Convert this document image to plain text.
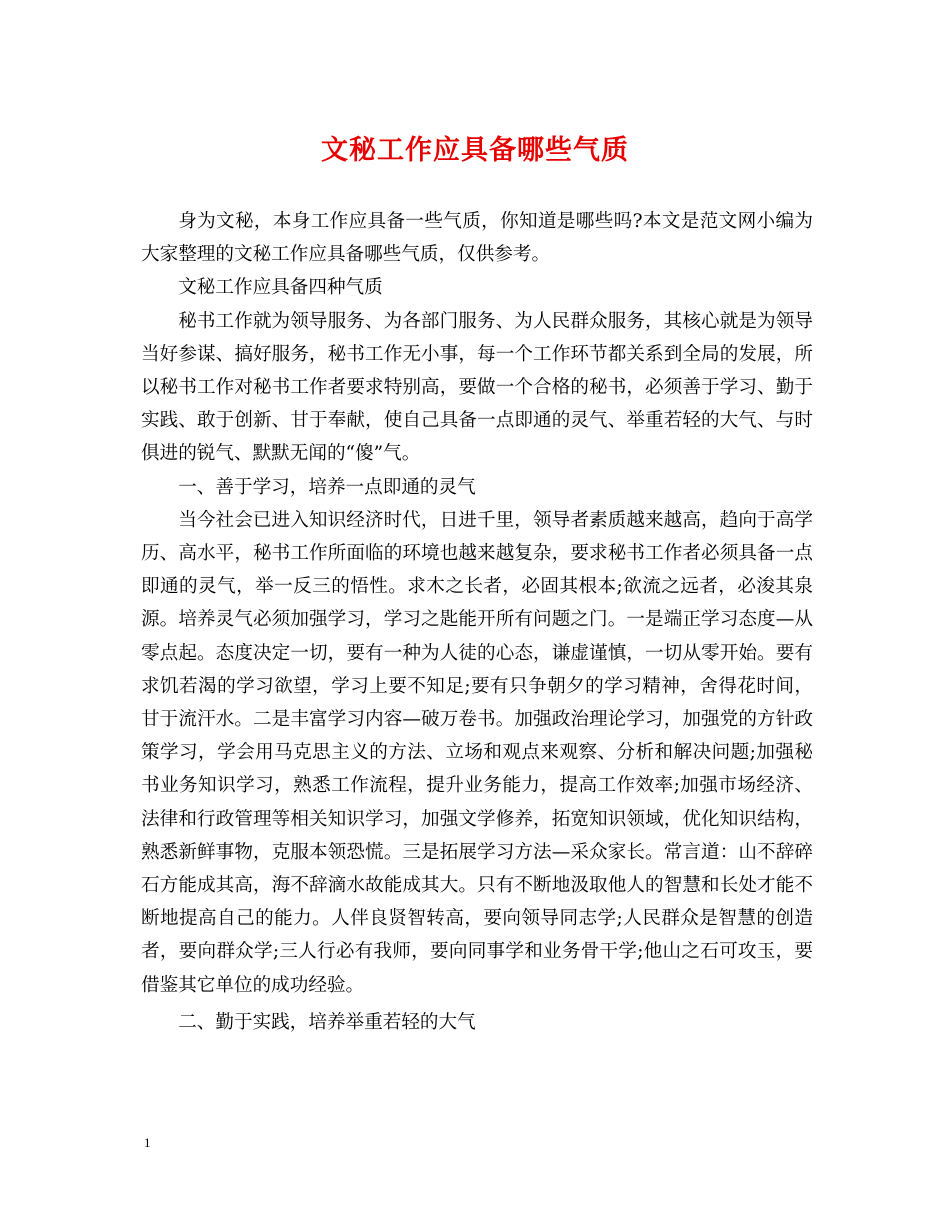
文秘工作应具备哪些气质

身为文秘，本身工作应具备一些气质，你知道是哪些吗?本文是范文网小编为大家整理的文秘工作应具备哪些气质，仅供参考。

文秘工作应具备四种气质

秘书工作就为领导服务、为各部门服务、为人民群众服务，其核心就是为领导当好参谋、搞好服务，秘书工作无小事，每一个工作环节都关系到全局的发展，所以秘书工作对秘书工作者要求特别高，要做一个合格的秘书，必须善于学习、勤于实践、敢于创新、甘于奉献，使自己具备一点即通的灵气、举重若轻的大气、与时俱进的锐气、默默无闻的“傻”气。

一、善于学习，培养一点即通的灵气

当今社会已进入知识经济时代，日进千里，领导者素质越来越高，趋向于高学历、高水平，秘书工作所面临的环境也越来越复杂，要求秘书工作者必须具备一点即通的灵气，举一反三的悟性。求木之长者，必固其根本;欲流之远者，必浚其泉源。培养灵气必须加强学习，学习之匙能开所有问题之门。一是端正学习态度—从零点起。态度决定一切，要有一种为人徒的心态，谦虚谨慎，一切从零开始。要有求饥若渴的学习欲望，学习上要不知足;要有只争朝夕的学习精神，舍得花时间，甘于流汗水。二是丰富学习内容—破万卷书。加强政治理论学习，加强党的方针政策学习，学会用马克思主义的方法、立场和观点来观察、分析和解决问题;加强秘书业务知识学习，熟悉工作流程，提升业务能力，提高工作效率;加强市场经济、法律和行政管理等相关知识学习，加强文学修养，拓宽知识领域，优化知识结构，熟悉新鲜事物，克服本领恐慌。三是拓展学习方法—采众家长。常言道：山不辞碎石方能成其高，海不辞滴水故能成其大。只有不断地汲取他人的智慧和长处才能不断地提高自己的能力。人伴良贤智转高，要向领导同志学;人民群众是智慧的创造者，要向群众学;三人行必有我师，要向同事学和业务骨干学;他山之石可攻玉，要借鉴其它单位的成功经验。

二、勤于实践，培养举重若轻的大气

1
